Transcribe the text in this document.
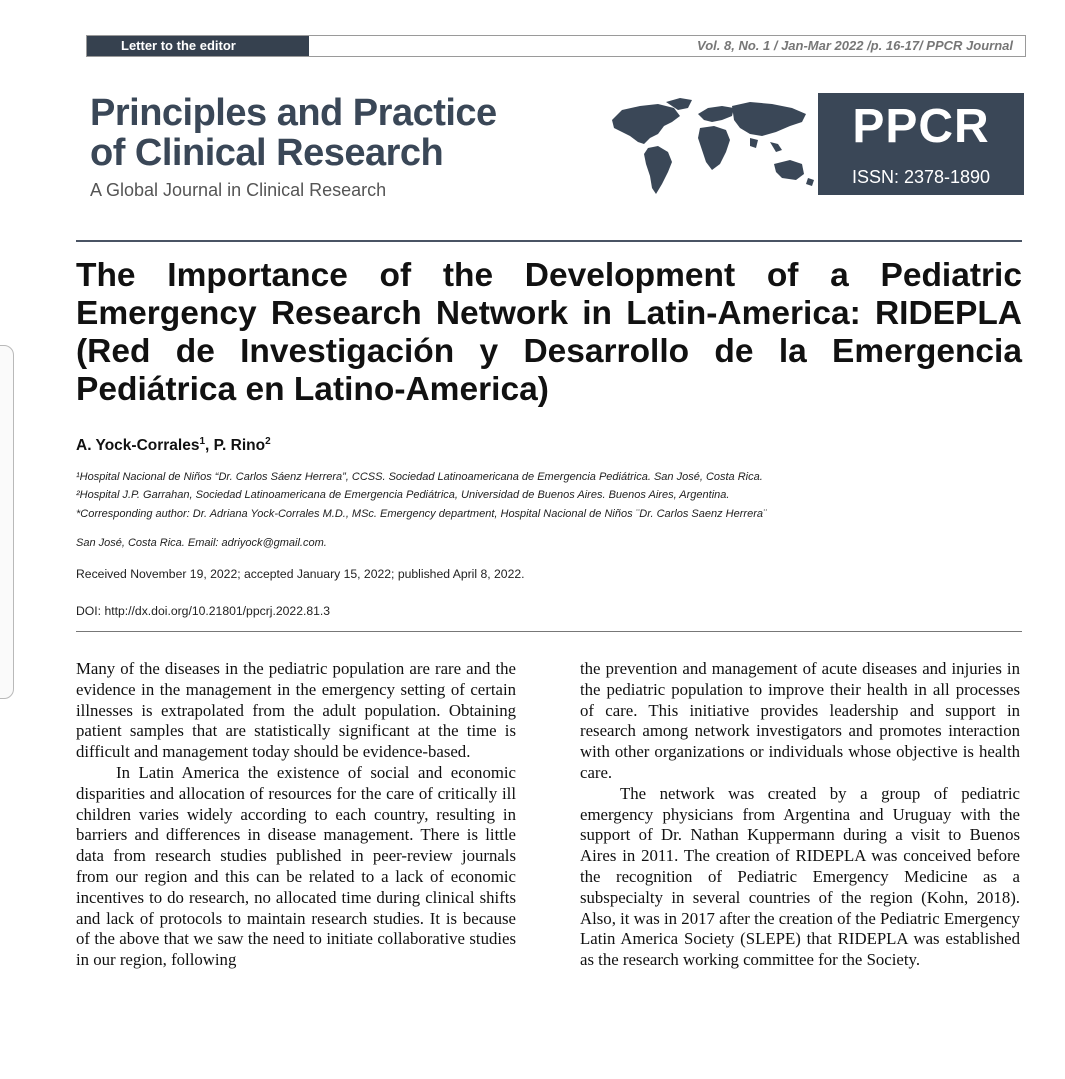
Letter to the editor	Vol. 8, No. 1 / Jan-Mar 2022 /p. 16-17/ PPCR Journal
Principles and Practice
of Clinical Research
A Global Journal in Clinical Research
PPCR
ISSN: 2378-1890
The Importance of the Development of a Pediatric Emergency Research Network in Latin-America: RIDEPLA (Red de Investigación y Desarrollo de la Emergencia Pediátrica en Latino-America)
A. Yock-Corrales$^1$, P. Rino$^2$
¹Hospital Nacional de Niños “Dr. Carlos Sáenz Herrera”, CCSS. Sociedad Latinoamericana de Emergencia Pediátrica. San José, Costa Rica.
²Hospital J.P. Garrahan, Sociedad Latinoamericana de Emergencia Pediátrica, Universidad de Buenos Aires. Buenos Aires, Argentina.
*Corresponding author: Dr. Adriana Yock-Corrales M.D., MSc. Emergency department, Hospital Nacional de Niños ¨Dr. Carlos Saenz Herrera¨
San José, Costa Rica. Email: adriyock@gmail.com.
Received November 19, 2022; accepted January 15, 2022; published April 8, 2022.
DOI: http://dx.doi.org/10.21801/ppcrj.2022.81.3

Many of the diseases in the pediatric population are rare and the evidence in the management in the emergency setting of certain illnesses is extrapolated from the adult population. Obtaining patient samples that are statistically significant at the time is difficult and management today should be evidence-based.

In Latin America the existence of social and economic disparities and allocation of resources for the care of critically ill children varies widely according to each country, resulting in barriers and differences in disease management. There is little data from research studies published in peer-review journals from our region and this can be related to a lack of economic incentives to do research, no allocated time during clinical shifts and lack of protocols to maintain research studies. It is because of the above that we saw the need to initiate collaborative studies in our region, following

the prevention and management of acute diseases and injuries in the pediatric population to improve their health in all processes of care. This initiative provides leadership and support in research among network investigators and promotes interaction with other organizations or individuals whose objective is health care.

The network was created by a group of pediatric emergency physicians from Argentina and Uruguay with the support of Dr. Nathan Kuppermann during a visit to Buenos Aires in 2011. The creation of RIDEPLA was conceived before the recognition of Pediatric Emergency Medicine as a subspecialty in several countries of the region (Kohn, 2018). Also, it was in 2017 after the creation of the Pediatric Emergency Latin America Society (SLEPE) that RIDEPLA was established as the research working committee for the Society.
